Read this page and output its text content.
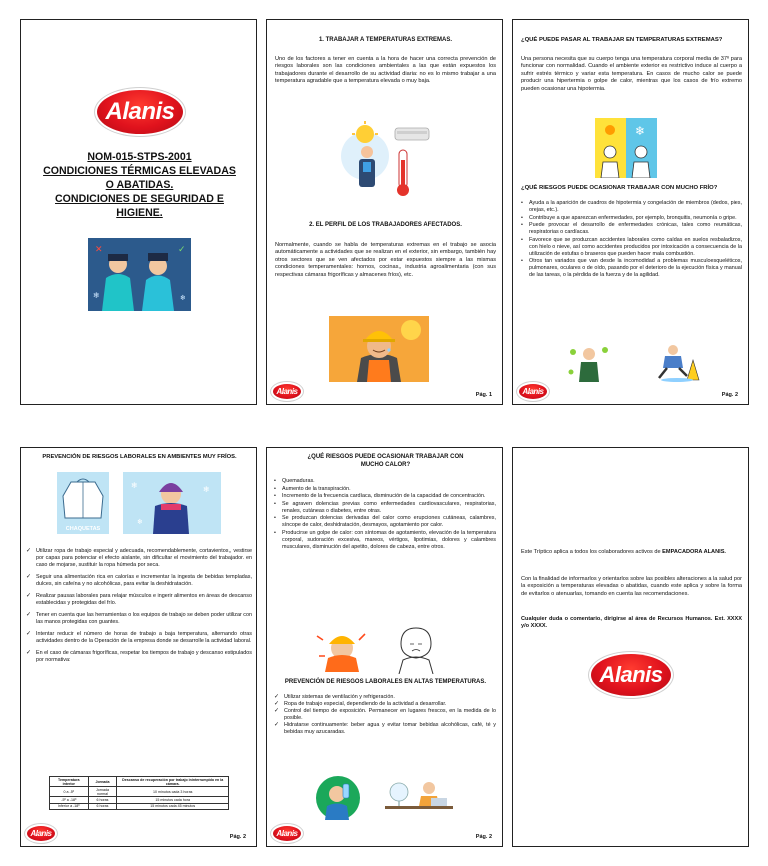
Alanis
NOM-015-STPS-2001
CONDICIONES TÉRMICAS ELEVADAS
O ABATIDAS.
CONDICIONES DE SEGURIDAD E
HIGIENE.
✕	✓
❄	❄
1. TRABAJAR A TEMPERATURAS EXTREMAS.
Uno de los factores a tener en cuenta a la hora de hacer una correcta prevención de riesgos laborales son las condiciones ambientales a las que están expuestos los trabajadores durante el desarrollo de su actividad diaria: no es lo mismo trabajar a una temperatura agradable que a temperatura elevada o muy baja.
2. EL PERFIL DE LOS TRABAJADORES AFECTADOS.
Normalmente, cuando se habla de temperaturas extremas en el trabajo se asocia automáticamente a actividades que se realizan en el exterior, sin embargo, también hay otros sectores que se ven afectados por estar expuestos siempre a las mismas condiciones temperamentales: hornos, cocinas,, industria agroalimentaria (con sus respectivas cámaras frigoríficas y almacenes fríos), etc.
Alanis	Pág. 1
¿QUÉ PUEDE PASAR AL TRABAJAR EN TEMPERATURAS EXTREMAS?
Una persona necesita que su cuerpo tenga una temperatura corporal media de 37º para funcionar con normalidad. Cuando el ambiente exterior es restrictivo induce al cuerpo a sufrir estrés térmico y variar esta temperatura. En casos de mucho calor se puede producir una hipertermia o golpe de calor, mientras que los casos de frío extremo pueden ocasionar una hipotermia.
❄
¿QUÉ RIESGOS PUEDE OCASIONAR TRABAJAR CON MUCHO FRÍO?
• Ayuda a la aparición de cuadros de hipotermia y congelación de miembros (dedos, pies, orejas, etc.).
• Contribuye a que aparezcan enfermedades, por ejemplo, bronquitis, neumonía o gripe.
• Puede provocar el desarrollo de enfermedades crónicas, tales como reumáticas, respiratorias o cardíacas.
• Favorece que se produzcan accidentes laborales como caídas en suelos resbaladizos, con hielo o nieve, así como accidentes producidos por intoxicación a consecuencia de la utilización de estufas o braseros que pueden hacer mala combustión.
• Otros tan variados que van desde la incomodidad a problemas musculoesqueléticos, pulmonares, oculares o de oído, pasando por el deterioro de la ejecución física y manual de las tareas, o la pérdida de la fuerza y de la agilidad.
Alanis	Pág. 2
PREVENCIÓN DE RIESGOS LABORALES EN AMBIENTES MUY FRÍOS.
CHAQUETAS
❄	❄
❄
✓ Utilizar ropa de trabajo especial y adecuada, recomendablemente, cortavientos,, vestirse por capas para potenciar el efecto aislante, sin dificultar el movimiento del trabajador. en caso de mojarse, sustituir la ropa húmeda por seca.
✓ Seguir una alimentación rica en calorías e incrementar la ingesta de bebidas templadas, dulces, sin cafeína y no alcohólicas, para evitar la deshidratación.
✓ Realizar pausas laborales para relajar músculos e ingerir alimentos en áreas de descanso establecidas y protegidas del frío.
✓ Tener en cuenta que las herramientas o los equipos de trabajo se deben poder utilizar con las manos protegidas con guantes.
✓ Intentar reducir el número de horas de trabajo a baja temperatura, alternando otras actividades dentro de la Operación de la empresa donde se desarrolle la actividad laboral.
✓ En el caso de cámaras frigoríficas, respetar los tiempos de trabajo y descanso estipulados por normativa:
Temperatura interior	Jornada	Descanso de recuperación por trabajo ininterrumpido en la cámara.
0 a -5º	Jornada normal	10 minutos cada 3 horas
-5º a -18º	6 horas	15 minutos cada hora
Inferior a -18º	6 horas	15 minutos cada 45 minutos
Alanis	Pág. 2
¿QUÉ RIESGOS PUEDE OCASIONAR TRABAJAR CON MUCHO CALOR?
• Quemaduras.
• Aumento de la transpiración.
• Incremento de la frecuencia cardíaca, disminución de la capacidad de concentración.
• Se agraven dolencias previas como enfermedades cardiovasculares, respiratorias, renales, cutáneas o diabetes, entre otras.
• Se produzcan dolencias derivadas del calor como erupciones cutáneas, calambres, síncope de calor, deshidratación, desmayos, agotamiento por calor.
• Producirse un golpe de calor: con síntomas de agotamiento, elevación de la temperatura corporal, sudoración excesiva, mareos, vértigos, lipotimias, dolores y calambres musculares, disminución del apetito, dolores de cabeza, entre otros.
PREVENCIÓN DE RIESGOS LABORALES EN ALTAS TEMPERATURAS.
✓ Utilizar sistemas de ventilación y refrigeración.
✓ Ropa de trabajo especial, dependiendo de la actividad a desarrollar.
✓ Control del tiempo de exposición. Permanecer en lugares frescos, en la medida de lo posible.
✓ Hidratarse continuamente: beber agua y evitar tomar bebidas alcohólicas, café, té y bebidas muy azucaradas.
Alanis	Pág. 2
Este Tríptico aplica a todos los colaboradores activos de EMPACADORA ALANIS.
Con la finalidad de informarlos y orientarlos sobre las posibles alteraciones a la salud por la exposición a temperaturas elevadas o abatidas, cuando este aplica y sobre la forma de evitarlos o atenuarlas, tomando en cuenta las recomendaciones.
Cualquier duda o comentario, dirigirse al área de Recursos Humanos. Ext. XXXX y/o XXXX.
Alanis
